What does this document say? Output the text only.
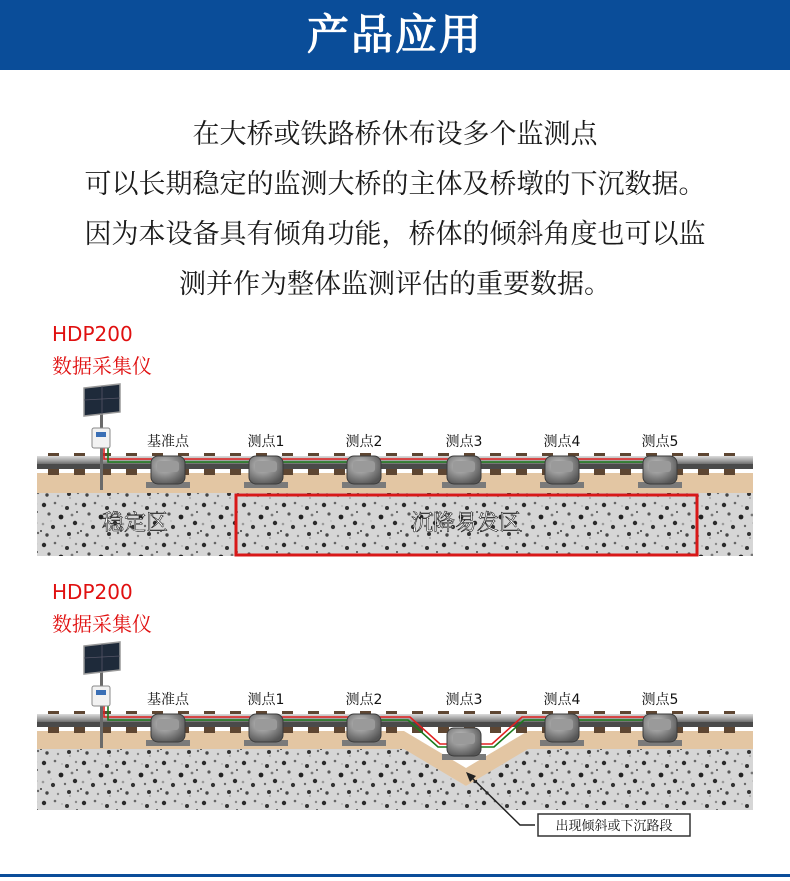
产品应用
在大桥或铁路桥休布设多个监测点
可以长期稳定的监测大桥的主体及桥墩的下沉数据。
因为本设备具有倾角功能，桥体的倾斜角度也可以监
测并作为整体监测评估的重要数据。
HDP200
数据采集仪
基准点	测点1	测点2	测点3	测点4	测点5
稳定区	沉降易发区
HDP200
数据采集仪
基准点	测点1	测点2	测点3	测点4	测点5
出现倾斜或下沉路段
